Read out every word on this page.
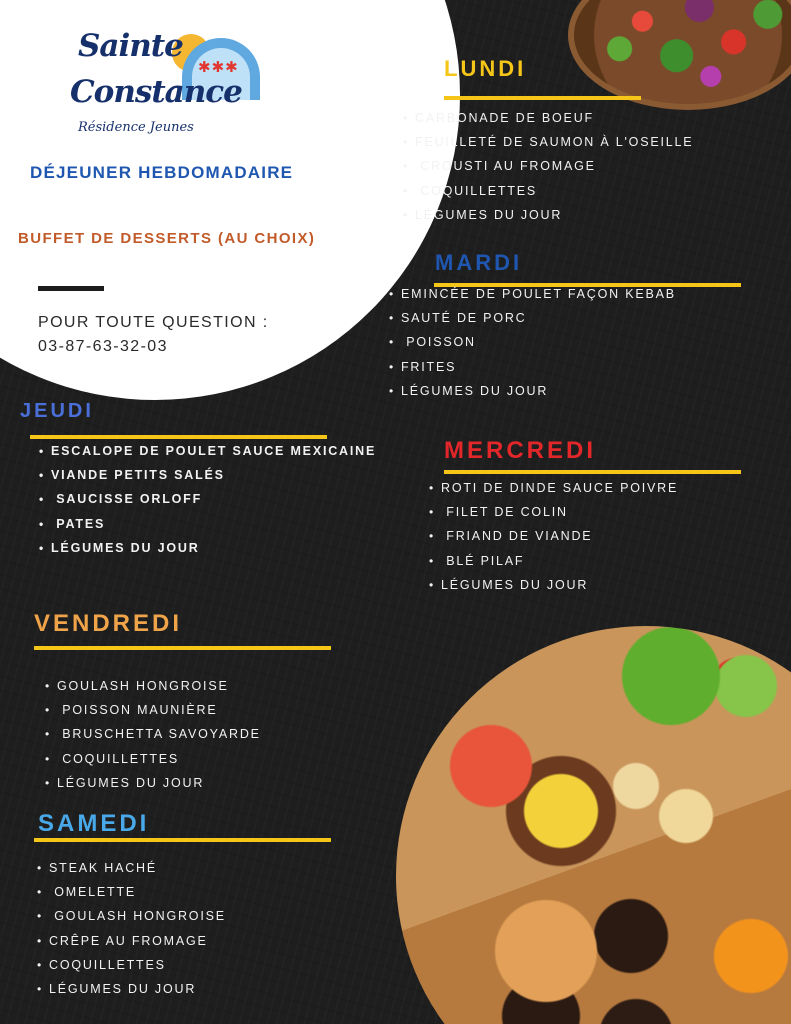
✱✱✱
Sainte
Constance
Résidence Jeunes
DÉJEUNER HEBDOMADAIRE
BUFFET DE DESSERTS (AU CHOIX)
POUR TOUTE QUESTION :
03-87-63-32-03
LUNDI
• CARBONADE DE BOEUF
• FEUILLETÉ DE SAUMON À L'OSEILLE
• CROUSTI AU FROMAGE
• COQUILLETTES
• LÉGUMES DU JOUR
MARDI
• EMINCÉE DE POULET FAÇON KEBAB
• SAUTÉ DE PORC
• POISSON
• FRITES
• LÉGUMES DU JOUR
JEUDI
• ESCALOPE DE POULET SAUCE MEXICAINE
• VIANDE PETITS SALÉS
• SAUCISSE ORLOFF
• PATES
• LÉGUMES DU JOUR
MERCREDI
• ROTI DE DINDE SAUCE POIVRE
• FILET DE COLIN
• FRIAND DE VIANDE
• BLÉ PILAF
• LÉGUMES DU JOUR
VENDREDI
• GOULASH HONGROISE
• POISSON MAUNIÈRE
• BRUSCHETTA SAVOYARDE
• COQUILLETTES
• LÉGUMES DU JOUR
SAMEDI
• STEAK HACHÉ
• OMELETTE
• GOULASH HONGROISE
• CRÊPE AU FROMAGE
• COQUILLETTES
• LÉGUMES DU JOUR
